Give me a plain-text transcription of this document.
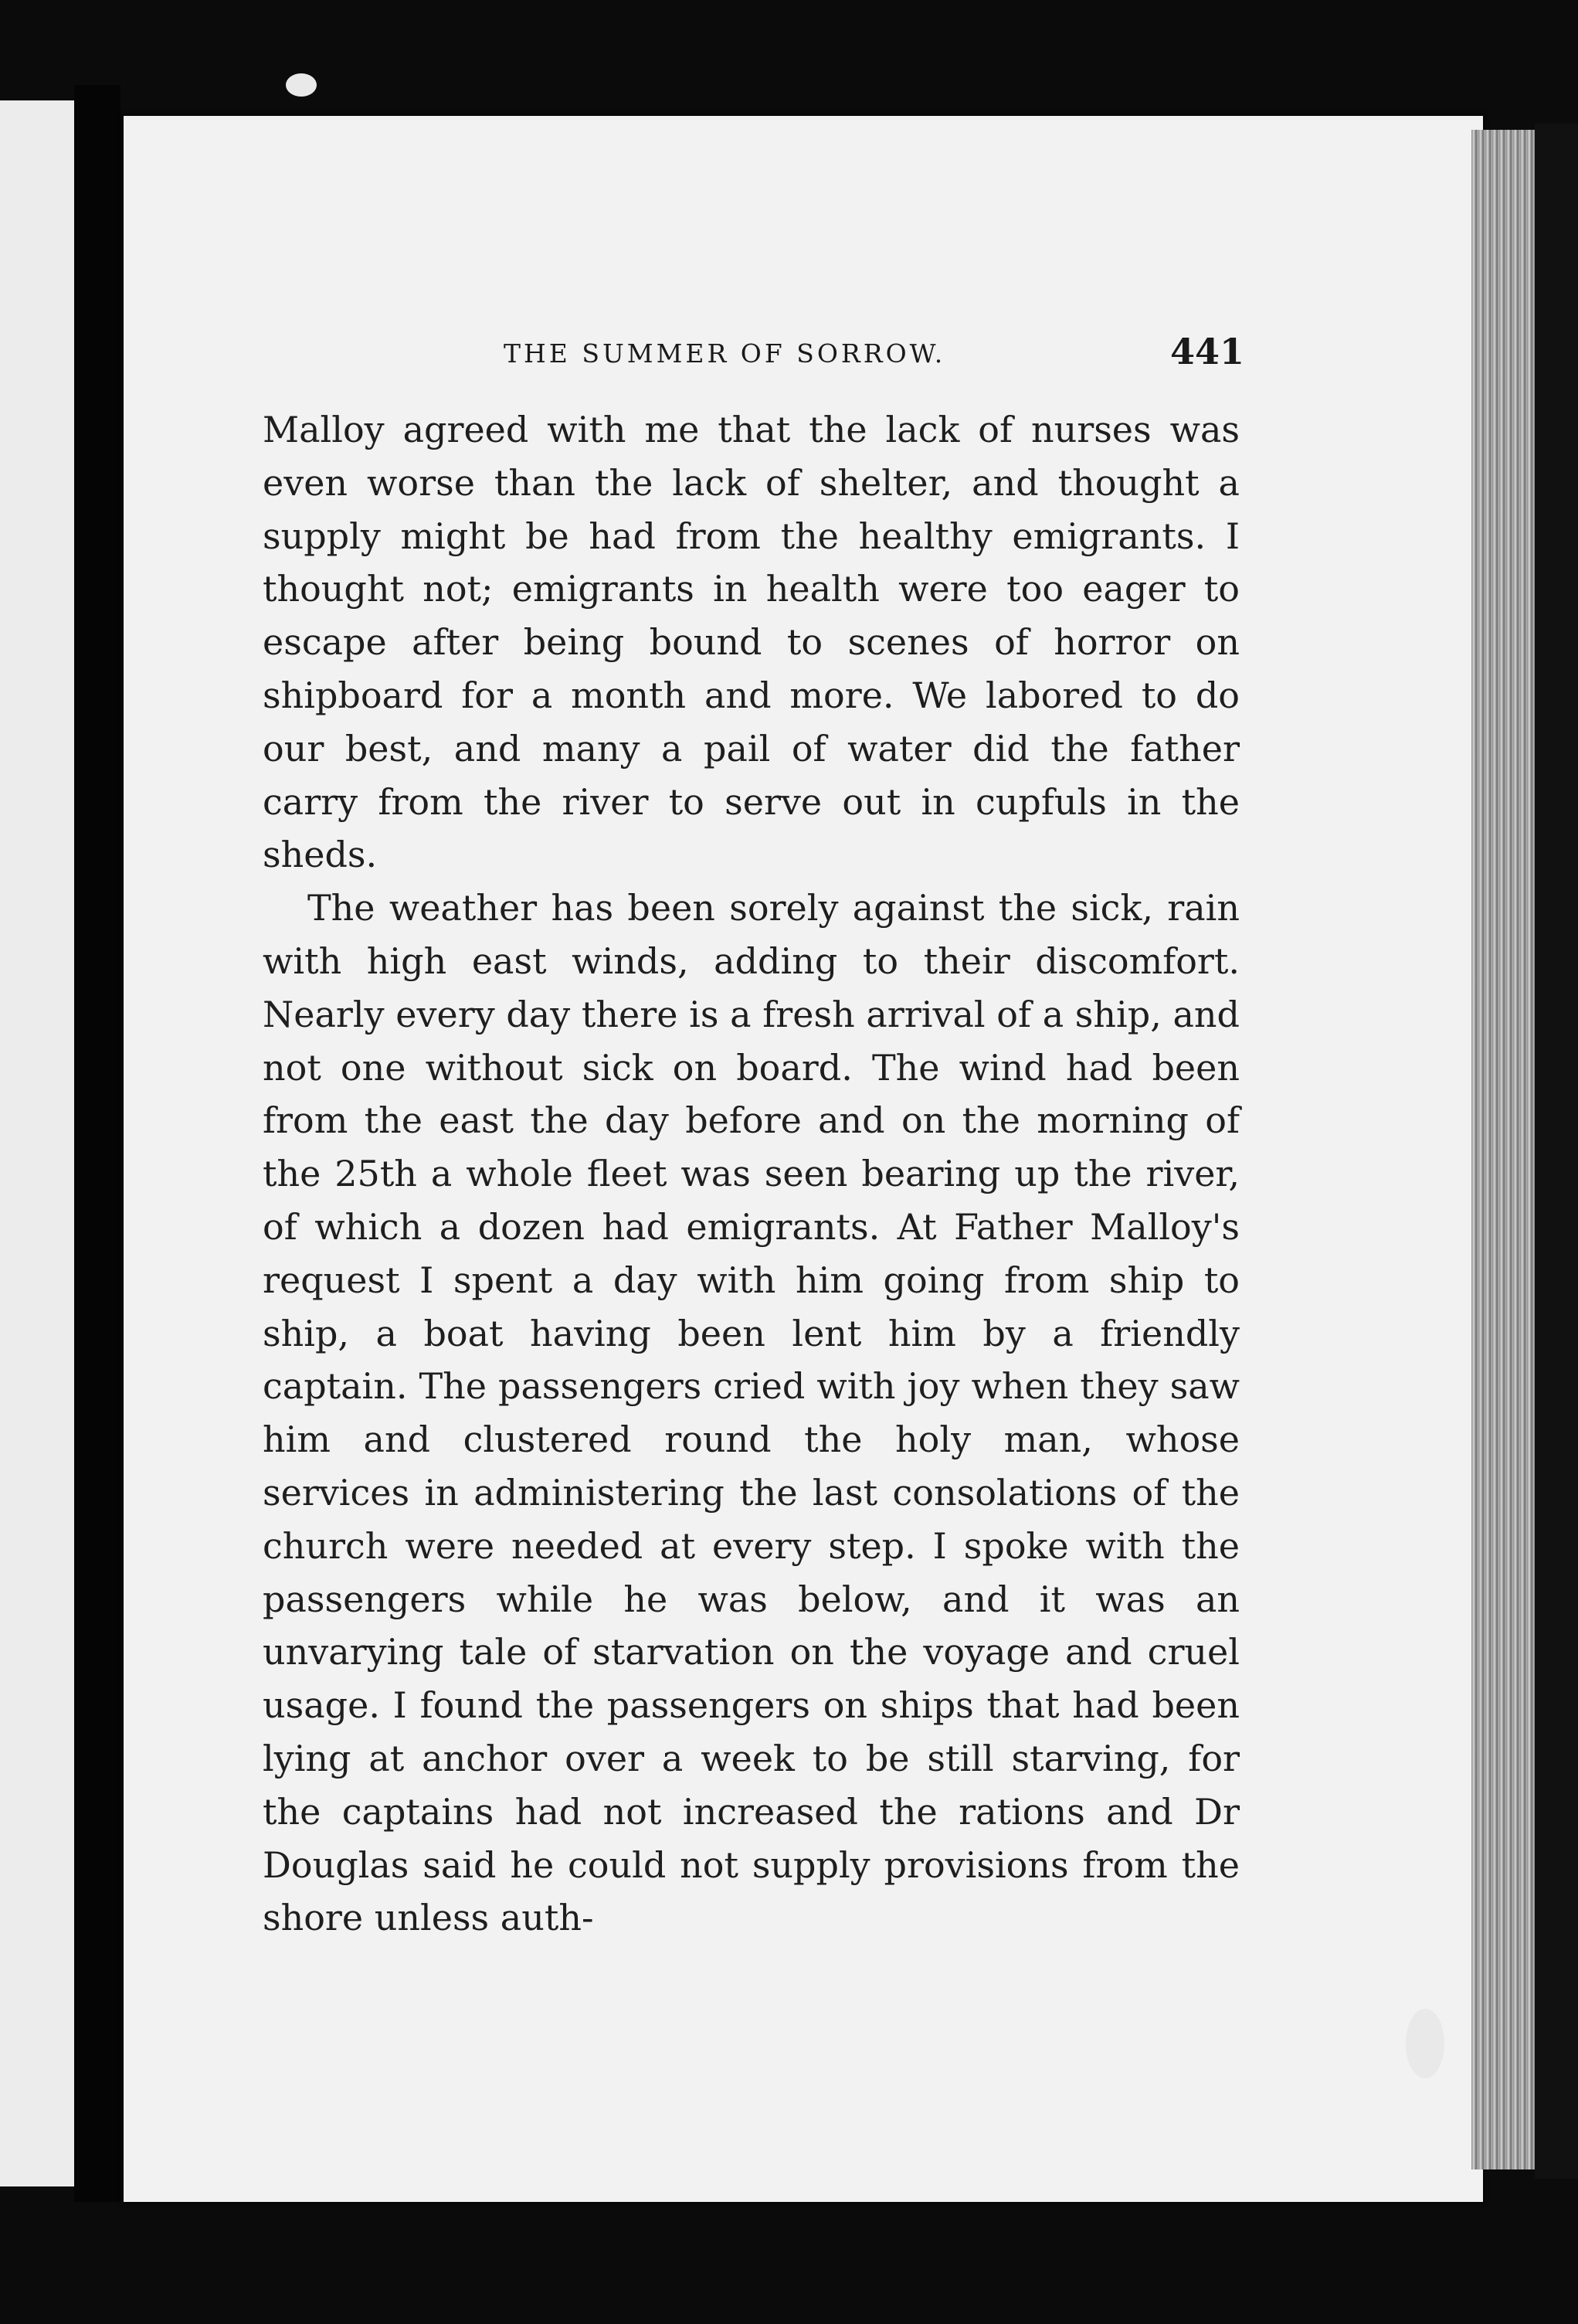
THE SUMMER OF SORROW.	441

Malloy agreed with me that the lack of nurses was even worse than the lack of shelter, and thought a supply might be had from the healthy emigrants. I thought not; emigrants in health were too eager to escape after being bound to scenes of horror on shipboard for a month and more. We labored to do our best, and many a pail of water did the father carry from the river to serve out in cupfuls in the sheds.

The weather has been sorely against the sick, rain with high east winds, adding to their discomfort. Nearly every day there is a fresh arrival of a ship, and not one without sick on board. The wind had been from the east the day before and on the morning of the 25th a whole fleet was seen bearing up the river, of which a dozen had emigrants. At Father Malloy's request I spent a day with him going from ship to ship, a boat having been lent him by a friendly captain. The passengers cried with joy when they saw him and clustered round the holy man, whose services in administering the last consolations of the church were needed at every step. I spoke with the passengers while he was below, and it was an unvarying tale of starvation on the voyage and cruel usage. I found the passengers on ships that had been lying at anchor over a week to be still starving, for the captains had not increased the rations and Dr Douglas said he could not supply provisions from the shore unless auth-
